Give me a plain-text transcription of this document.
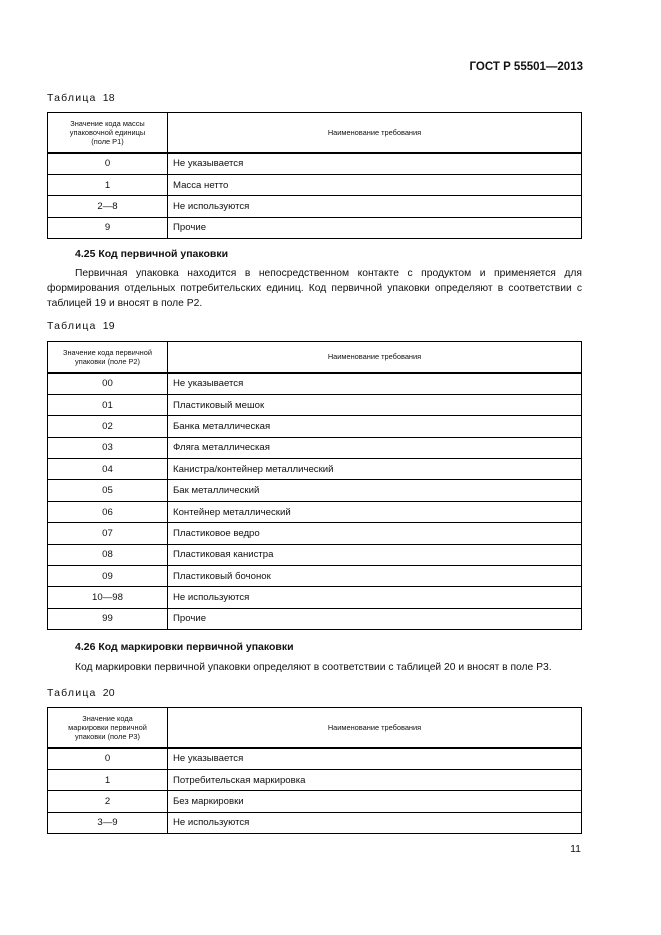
ГОСТ Р 55501—2013
Таблица 18
Значение кода массы упаковочной единицы (поле P1)	Наименование требования
0	Не указывается
1	Масса нетто
2—8	Не используются
9	Прочие
4.25 Код первичной упаковки
Первичная упаковка находится в непосредственном контакте с продуктом и применяется для формирования отдельных потребительских единиц. Код первичной упаковки определяют в соответствии с таблицей 19 и вносят в поле P2.
Таблица 19
Значение кода первичной упаковки (поле P2)	Наименование требования
00	Не указывается
01	Пластиковый мешок
02	Банка металлическая
03	Фляга металлическая
04	Канистра/контейнер металлический
05	Бак металлический
06	Контейнер металлический
07	Пластиковое ведро
08	Пластиковая канистра
09	Пластиковый бочонок
10—98	Не используются
99	Прочие
4.26 Код маркировки первичной упаковки
Код маркировки первичной упаковки определяют в соответствии с таблицей 20 и вносят в поле P3.
Таблица 20
Значение кода маркировки первичной упаковки (поле P3)	Наименование требования
0	Не указывается
1	Потребительская маркировка
2	Без маркировки
3—9	Не используются
11
